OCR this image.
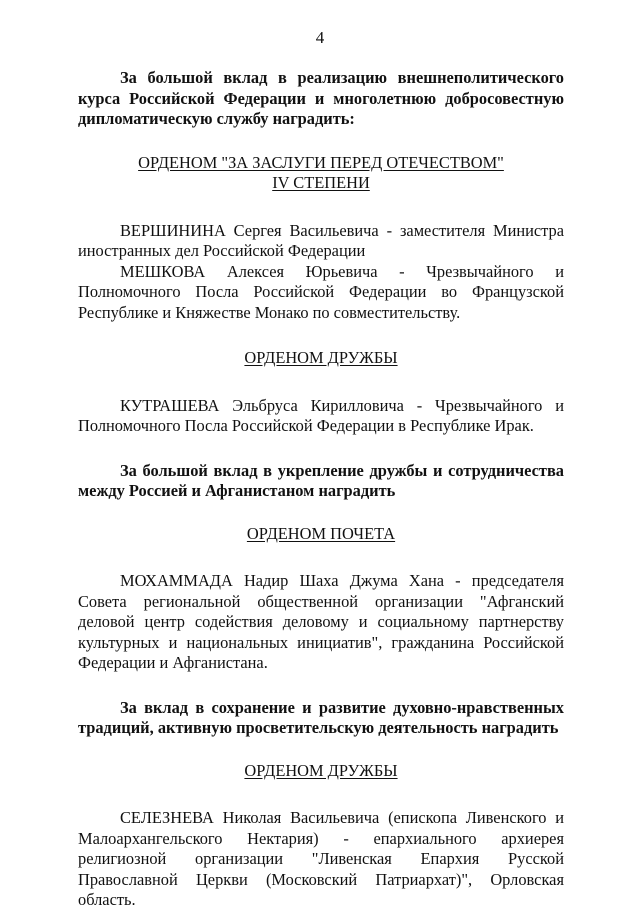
4

За большой вклад в реализацию внешнеполитического курса Российской Федерации и многолетнюю добросовестную дипломатическую службу наградить:

ОРДЕНОМ "ЗА ЗАСЛУГИ ПЕРЕД ОТЕЧЕСТВОМ"
IV СТЕПЕНИ

ВЕРШИНИНА Сергея Васильевича - заместителя Министра иностранных дел Российской Федерации

МЕШКОВА Алексея Юрьевича - Чрезвычайного и Полномочного Посла Российской Федерации во Французской Республике и Княжестве Монако по совместительству.

ОРДЕНОМ ДРУЖБЫ

КУТРАШЕВА Эльбруса Кирилловича - Чрезвычайного и Полномочного Посла Российской Федерации в Республике Ирак.

За большой вклад в укрепление дружбы и сотрудничества между Россией и Афганистаном наградить

ОРДЕНОМ ПОЧЕТА

МОХАММАДА Надир Шаха Джума Хана - председателя Совета региональной общественной организации "Афганский деловой центр содействия деловому и социальному партнерству культурных и национальных инициатив", гражданина Российской Федерации и Афганистана.

За вклад в сохранение и развитие духовно-нравственных традиций, активную просветительскую деятельность наградить

ОРДЕНОМ ДРУЖБЫ

СЕЛЕЗНЕВА Николая Васильевича (епископа Ливенского и Малоархангельского Нектария) - епархиального архиерея религиозной организации "Ливенская Епархия Русской Православной Церкви (Московский Патриархат)", Орловская область.
